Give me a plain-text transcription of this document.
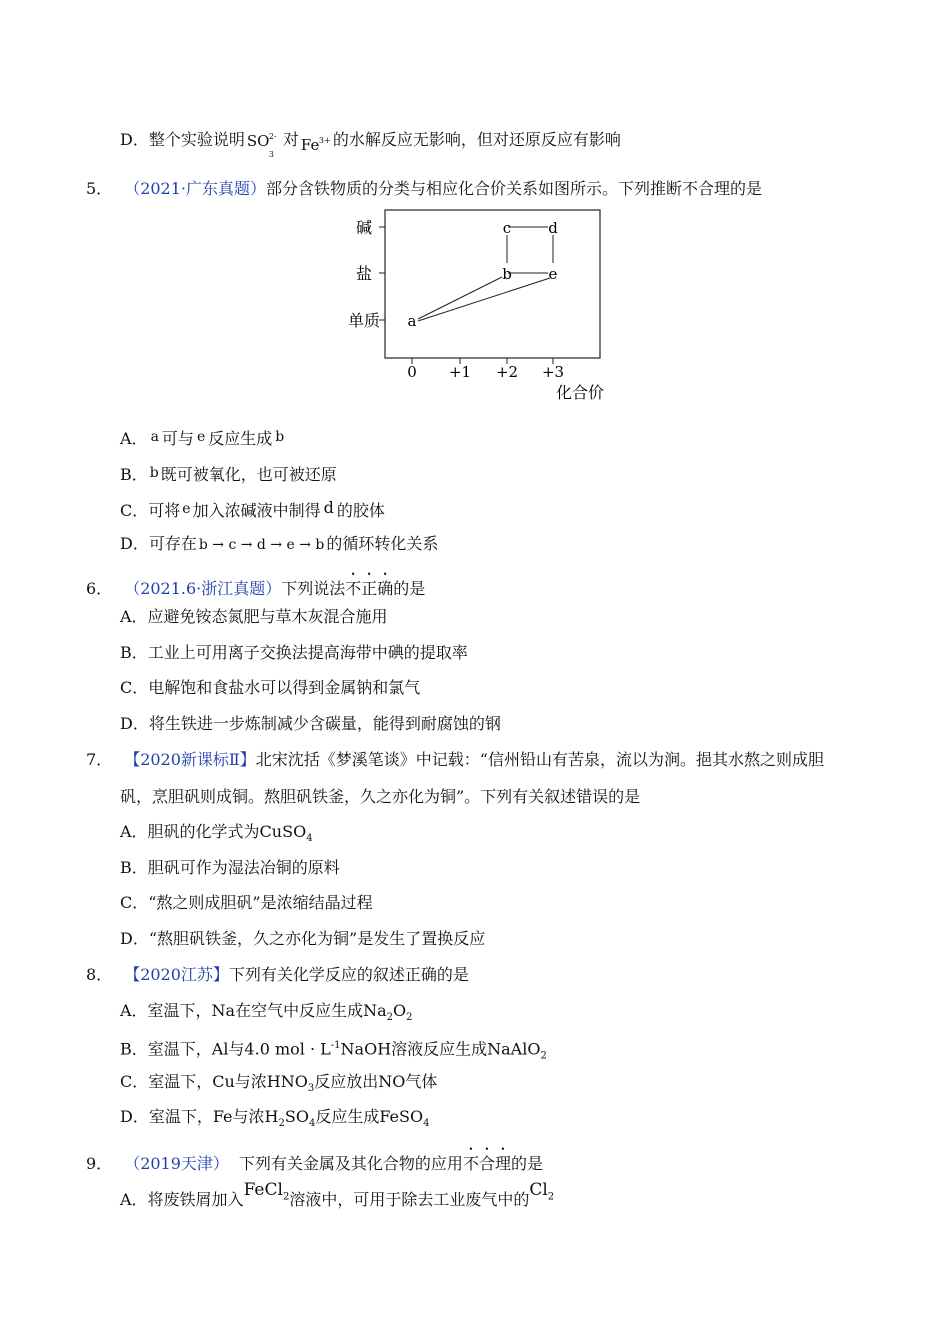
D．整个实验说明 SO 2-
3
对 Fe 3+ 的水解反应无影响，但对还原反应有影响
5． （2021·广东真题）部分含铁物质的分类与相应化合价关系如图所示。下列推断不合理的是
碱
盐
单质
0 +1 +2 +3
化合价
a
b
c d
e
A． a 可与 e 反应生成 b
B． b 既可被氧化，也可被还原
C．可将 e 加入浓碱液中制得 d 的胶体
D．可存在 b → c → d → e → b 的循环转化关系
6． （2021.6·浙江真题）下列说法不正确的是
A．应避免铵态氮肥与草木灰混合施用
B．工业上可用离子交换法提高海带中碘的提取率
C．电解饱和食盐水可以得到金属钠和氯气
D．将生铁进一步炼制减少含碳量，能得到耐腐蚀的钢
7． 【2020新课标Ⅱ】北宋沈括《梦溪笔谈》中记载：“信州铅山有苦泉，流以为涧。挹其水熬之则成胆
矾，烹胆矾则成铜。熬胆矾铁釜，久之亦化为铜”。下列有关叙述错误的是
A．胆矾的化学式为CuSO$_4$
B．胆矾可作为湿法冶铜的原料
C．“熬之则成胆矾”是浓缩结晶过程
D．“熬胆矾铁釜，久之亦化为铜”是发生了置换反应
8． 【2020江苏】下列有关化学反应的叙述正确的是
A．室温下，Na在空气中反应生成$Na_2O_2$
B．室温下，Al与4.0 mol · $L^{-1}NaOH$溶液反应生成NaAlO$_2$
C．室温下，Cu与浓$HNO_3$反应放出NO气体
D．室温下，Fe与浓$H_2SO_4$反应生成FeSO$_4$
9． （2019天津） 下列有关金属及其化合物的应用不合理的是
A．将废铁屑加入FeCl$_2$溶液中，可用于除去工业废气中的$Cl_2$
